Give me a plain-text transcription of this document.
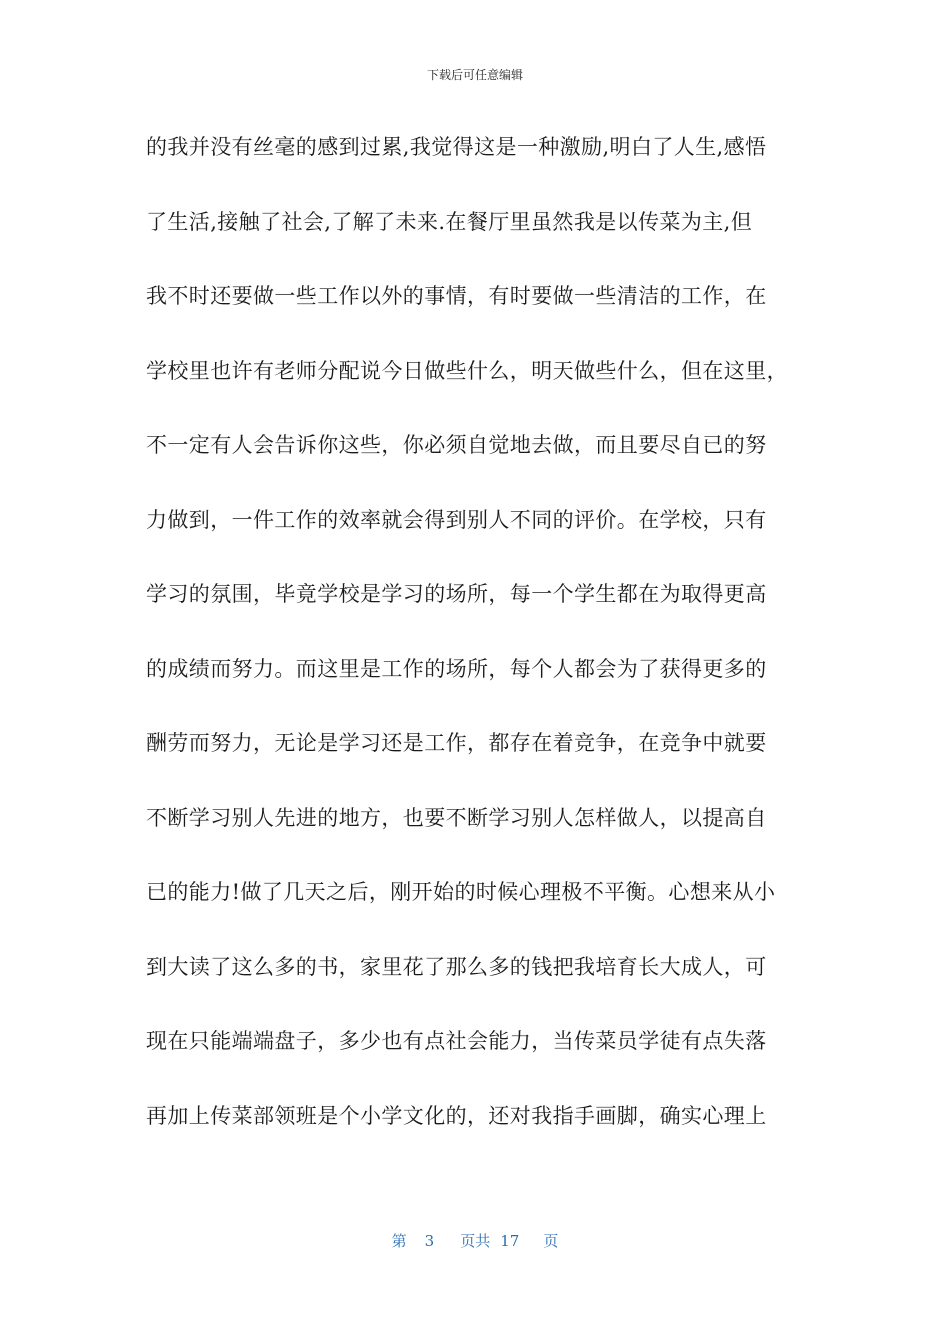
下载后可任意编辑
的我并没有丝毫的感到过累,我觉得这是一种激励,明白了人生,感悟
了生活,接触了社会,了解了未来.在餐厅里虽然我是以传菜为主,但
我不时还要做一些工作以外的事情，有时要做一些清洁的工作，在
学校里也许有老师分配说今日做些什么，明天做些什么，但在这里，
不一定有人会告诉你这些，你必须自觉地去做，而且要尽自已的努
力做到，一件工作的效率就会得到别人不同的评价。在学校，只有
学习的氛围，毕竟学校是学习的场所，每一个学生都在为取得更高
的成绩而努力。而这里是工作的场所，每个人都会为了获得更多的
酬劳而努力，无论是学习还是工作，都存在着竞争，在竞争中就要
不断学习别人先进的地方，也要不断学习别人怎样做人，以提高自
已的能力!做了几天之后，刚开始的时候心理极不平衡。心想来从小
到大读了这么多的书，家里花了那么多的钱把我培育长大成人，可
现在只能端端盘子，多少也有点社会能力，当传菜员学徒有点失落
再加上传菜部领班是个小学文化的，还对我指手画脚，确实心理上
第 3 页共 17 页
